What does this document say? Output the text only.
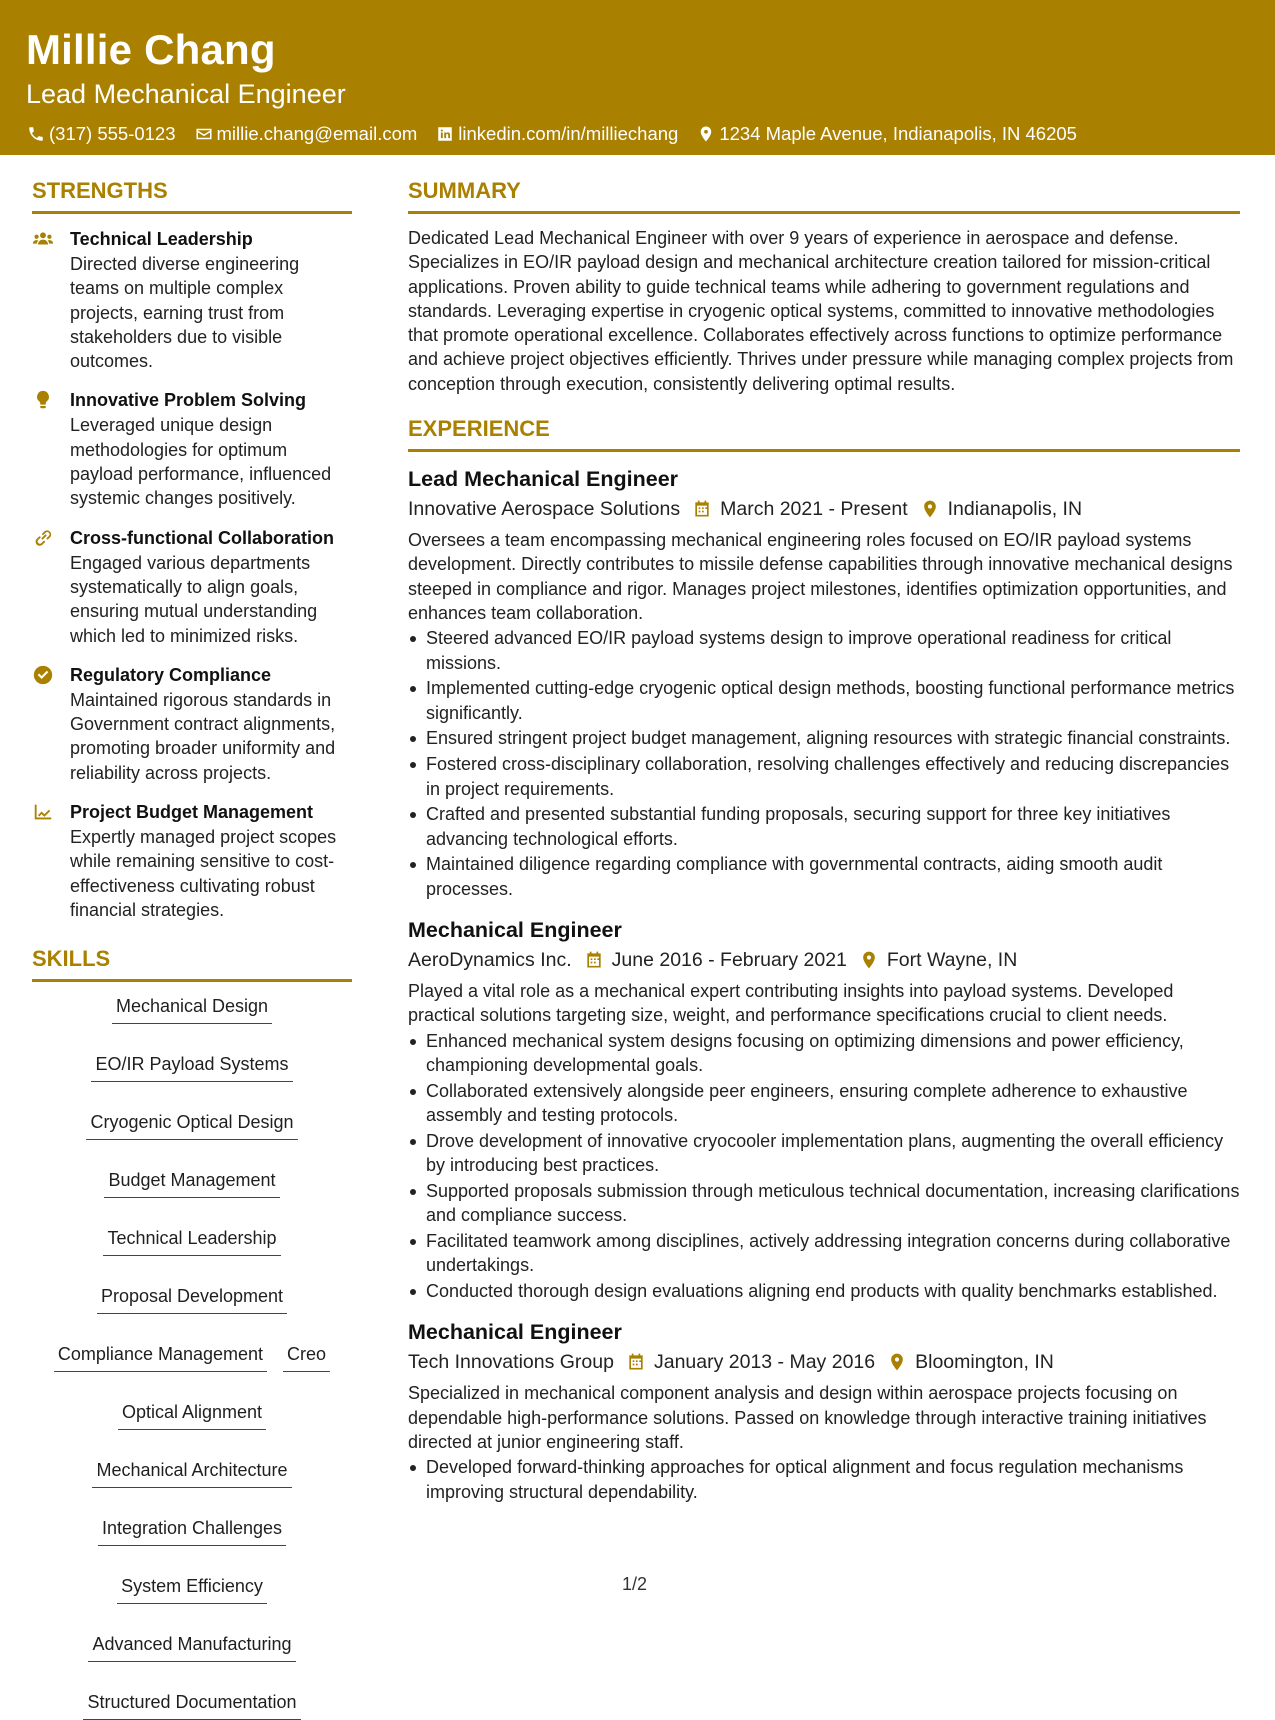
Millie Chang
Lead Mechanical Engineer
(317) 555-0123 millie.chang@email.com linkedin.com/in/milliechang 1234 Maple Avenue, Indianapolis, IN 46205
STRENGTHS
Technical Leadership
Directed diverse engineering teams on multiple complex projects, earning trust from stakeholders due to visible outcomes.
Innovative Problem Solving
Leveraged unique design methodologies for optimum payload performance, influenced systemic changes positively.
Cross-functional Collaboration
Engaged various departments systematically to align goals, ensuring mutual understanding which led to minimized risks.
Regulatory Compliance
Maintained rigorous standards in Government contract alignments, promoting broader uniformity and reliability across projects.
Project Budget Management
Expertly managed project scopes while remaining sensitive to cost-effectiveness cultivating robust financial strategies.
SKILLS
Mechanical Design
EO/IR Payload Systems
Cryogenic Optical Design
Budget Management
Technical Leadership
Proposal Development
Compliance Management Creo
Optical Alignment
Mechanical Architecture
Integration Challenges
System Efficiency
Advanced Manufacturing
Structured Documentation
SUMMARY
Dedicated Lead Mechanical Engineer with over 9 years of experience in aerospace and defense. Specializes in EO/IR payload design and mechanical architecture creation tailored for mission-critical applications. Proven ability to guide technical teams while adhering to government regulations and standards. Leveraging expertise in cryogenic optical systems, committed to innovative methodologies that promote operational excellence. Collaborates effectively across functions to optimize performance and achieve project objectives efficiently. Thrives under pressure while managing complex projects from conception through execution, consistently delivering optimal results.
EXPERIENCE
Lead Mechanical Engineer
Innovative Aerospace Solutions March 2021 - Present Indianapolis, IN
Oversees a team encompassing mechanical engineering roles focused on EO/IR payload systems development. Directly contributes to missile defense capabilities through innovative mechanical designs steeped in compliance and rigor. Manages project milestones, identifies optimization opportunities, and enhances team collaboration.
Steered advanced EO/IR payload systems design to improve operational readiness for critical missions.
Implemented cutting-edge cryogenic optical design methods, boosting functional performance metrics significantly.
Ensured stringent project budget management, aligning resources with strategic financial constraints.
Fostered cross-disciplinary collaboration, resolving challenges effectively and reducing discrepancies in project requirements.
Crafted and presented substantial funding proposals, securing support for three key initiatives advancing technological efforts.
Maintained diligence regarding compliance with governmental contracts, aiding smooth audit processes.
Mechanical Engineer
AeroDynamics Inc. June 2016 - February 2021 Fort Wayne, IN
Played a vital role as a mechanical expert contributing insights into payload systems. Developed practical solutions targeting size, weight, and performance specifications crucial to client needs.
Enhanced mechanical system designs focusing on optimizing dimensions and power efficiency, championing developmental goals.
Collaborated extensively alongside peer engineers, ensuring complete adherence to exhaustive assembly and testing protocols.
Drove development of innovative cryocooler implementation plans, augmenting the overall efficiency by introducing best practices.
Supported proposals submission through meticulous technical documentation, increasing clarifications and compliance success.
Facilitated teamwork among disciplines, actively addressing integration concerns during collaborative undertakings.
Conducted thorough design evaluations aligning end products with quality benchmarks established.
Mechanical Engineer
Tech Innovations Group January 2013 - May 2016 Bloomington, IN
Specialized in mechanical component analysis and design within aerospace projects focusing on dependable high-performance solutions. Passed on knowledge through interactive training initiatives directed at junior engineering staff.
Developed forward-thinking approaches for optical alignment and focus regulation mechanisms improving structural dependability.
1/2
